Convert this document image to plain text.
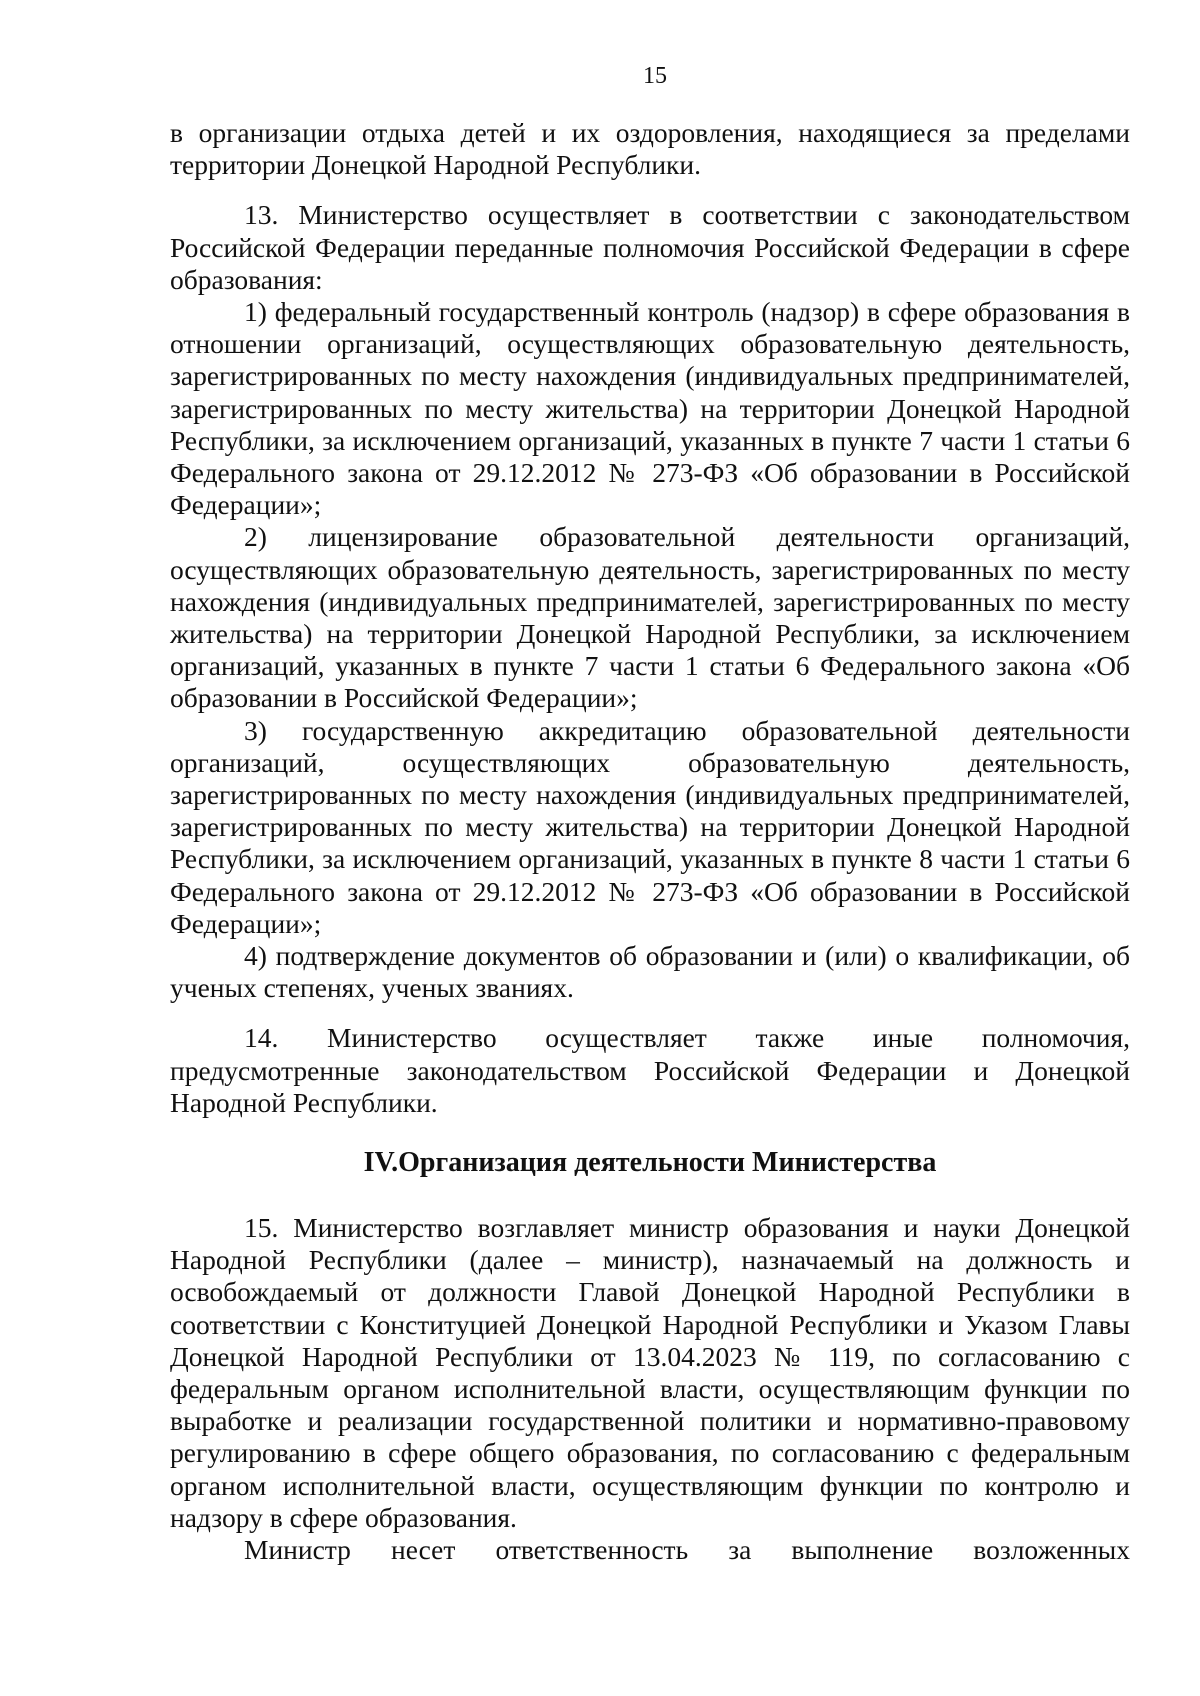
15

в организации отдыха детей и их оздоровления, находящиеся за пределами территории Донецкой Народной Республики.

13. Министерство осуществляет в соответствии с законодательством Российской Федерации переданные полномочия Российской Федерации в сфере образования:

1) федеральный государственный контроль (надзор) в сфере образования в отношении организаций, осуществляющих образовательную деятельность, зарегистрированных по месту нахождения (индивидуальных предпринимателей, зарегистрированных по месту жительства) на территории Донецкой Народной Республики, за исключением организаций, указанных в пункте 7 части 1 статьи 6 Федерального закона от 29.12.2012 № 273-ФЗ «Об образовании в Российской Федерации»;

2) лицензирование образовательной деятельности организаций, осуществляющих образовательную деятельность, зарегистрированных по месту нахождения (индивидуальных предпринимателей, зарегистрированных по месту жительства) на территории Донецкой Народной Республики, за исключением организаций, указанных в пункте 7 части 1 статьи 6 Федерального закона «Об образовании в Российской Федерации»;

3) государственную аккредитацию образовательной деятельности организаций, осуществляющих образовательную деятельность, зарегистрированных по месту нахождения (индивидуальных предпринимателей, зарегистрированных по месту жительства) на территории Донецкой Народной Республики, за исключением организаций, указанных в пункте 8 части 1 статьи 6 Федерального закона от 29.12.2012 № 273-ФЗ «Об образовании в Российской Федерации»;

4) подтверждение документов об образовании и (или) о квалификации, об ученых степенях, ученых званиях.

14. Министерство осуществляет также иные полномочия, предусмотренные законодательством Российской Федерации и Донецкой Народной Республики.

IV.Организация деятельности Министерства

15. Министерство возглавляет министр образования и науки Донецкой Народной Республики (далее – министр), назначаемый на должность и освобождаемый от должности Главой Донецкой Народной Республики в соответствии с Конституцией Донецкой Народной Республики и Указом Главы Донецкой Народной Республики от 13.04.2023 № 119, по согласованию с федеральным органом исполнительной власти, осуществляющим функции по выработке и реализации государственной политики и нормативно-правовому регулированию в сфере общего образования, по согласованию с федеральным органом исполнительной власти, осуществляющим функции по контролю и надзору в сфере образования.

Министр несет ответственность за выполнение возложенных
